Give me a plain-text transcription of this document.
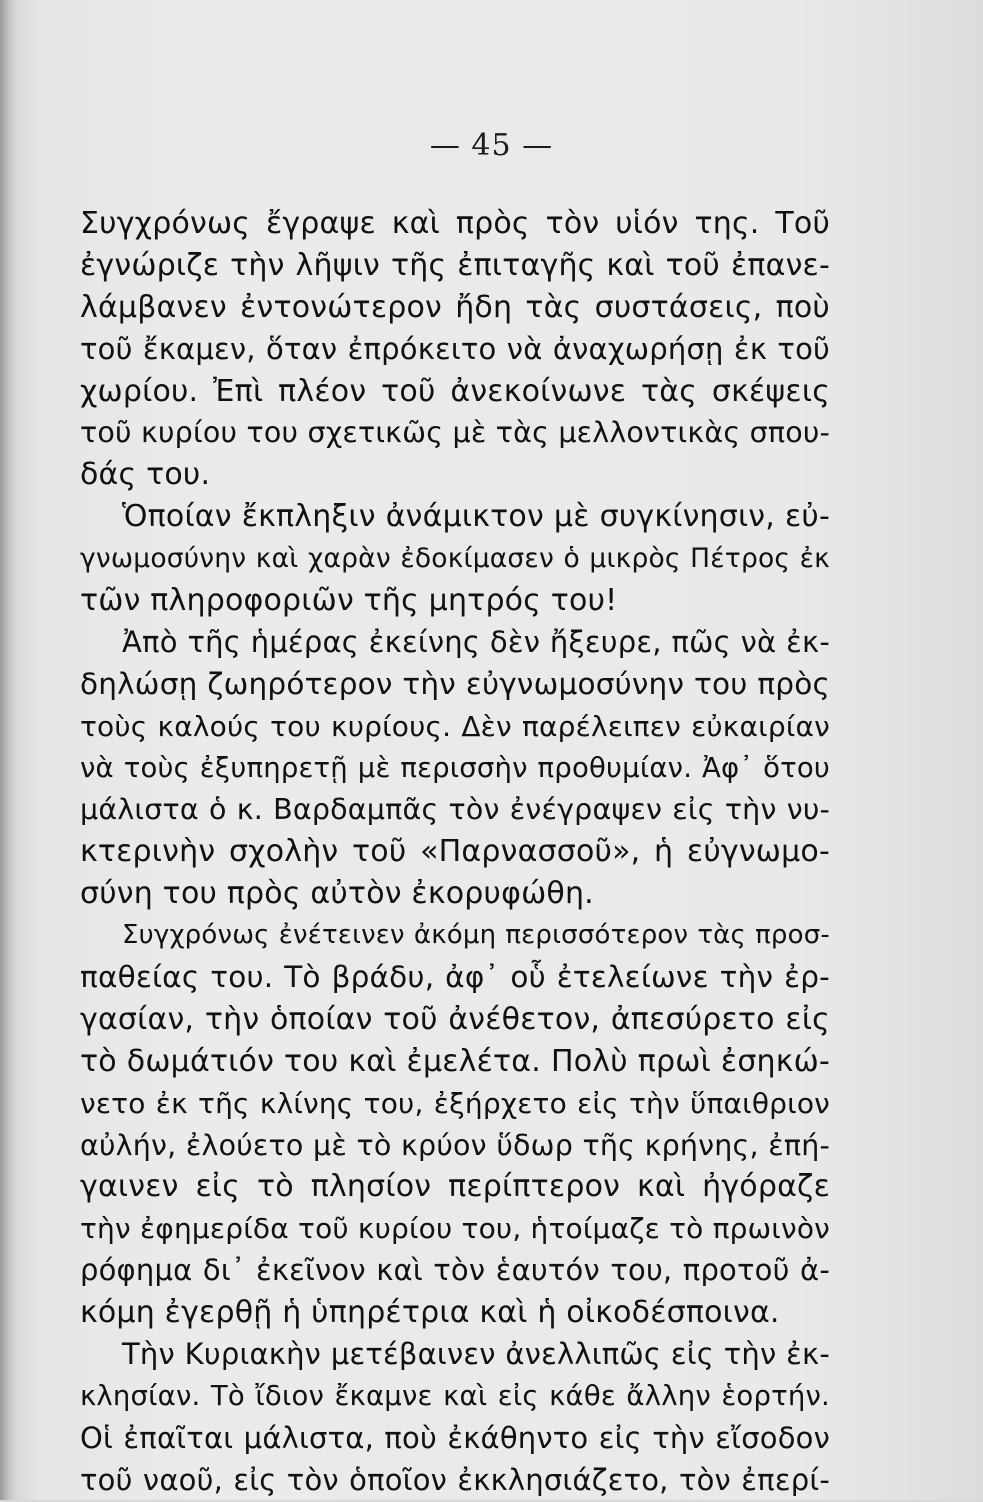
— 45 —
Συγχρόνως ἔγραψε καὶ πρὸς τὸν υἱόν της. Τοῦ
ἐγνώριζε τὴν λῆψιν τῆς ἐπιταγῆς καὶ τοῦ ἐπανε-
λάμβανεν ἐντονώτερον ἤδη τὰς συστάσεις, ποὺ
τοῦ ἔκαμεν, ὅταν ἐπρόκειτο νὰ ἀναχωρήσῃ ἐκ τοῦ
χωρίου. Ἐπὶ πλέον τοῦ ἀνεκοίνωνε τὰς σκέψεις
τοῦ κυρίου του σχετικῶς μὲ τὰς μελλοντικὰς σπου-
δάς του.
Ὁποίαν ἔκπληξιν ἀνάμικτον μὲ συγκίνησιν, εὐ-
γνωμοσύνην καὶ χαρὰν ἐδοκίμασεν ὁ μικρὸς Πέτρος ἐκ
τῶν πληροφοριῶν τῆς μητρός του!
Ἀπὸ τῆς ἡμέρας ἐκείνης δὲν ἤξευρε, πῶς νὰ ἐκ-
δηλώσῃ ζωηρότερον τὴν εὐγνωμοσύνην του πρὸς
τοὺς καλούς του κυρίους. Δὲν παρέλειπεν εὐκαιρίαν
νὰ τοὺς ἐξυπηρετῇ μὲ περισσὴν προθυμίαν. Ἀφ᾽ ὅτου
μάλιστα ὁ κ. Βαρδαμπᾶς τὸν ἐνέγραψεν εἰς τὴν νυ-
κτερινὴν σχολὴν τοῦ «Παρνασσοῦ», ἡ εὐγνωμο-
σύνη του πρὸς αὐτὸν ἐκορυφώθη.
Συγχρόνως ἐνέτεινεν ἀκόμη περισσότερον τὰς προσ-
παθείας του. Τὸ βράδυ, ἀφ᾽ οὗ ἐτελείωνε τὴν ἐρ-
γασίαν, τὴν ὁποίαν τοῦ ἀνέθετον, ἀπεσύρετο εἰς
τὸ δωμάτιόν του καὶ ἐμελέτα. Πολὺ πρωὶ ἐσηκώ-
νετο ἐκ τῆς κλίνης του, ἐξήρχετο εἰς τὴν ὕπαιθριον
αὐλήν, ἐλούετο μὲ τὸ κρύον ὕδωρ τῆς κρήνης, ἐπή-
γαινεν εἰς τὸ πλησίον περίπτερον καὶ ἠγόραζε
τὴν ἐφημερίδα τοῦ κυρίου του, ἡτοίμαζε τὸ πρωινὸν
ρόφημα δι᾽ ἐκεῖνον καὶ τὸν ἑαυτόν του, προτοῦ ἀ-
κόμη ἐγερθῇ ἡ ὑπηρέτρια καὶ ἡ οἰκοδέσποινα.
Τὴν Κυριακὴν μετέβαινεν ἀνελλιπῶς εἰς τὴν ἐκ-
κλησίαν. Τὸ ἴδιον ἔκαμνε καὶ εἰς κάθε ἄλλην ἑορτήν.
Οἱ ἐπαῖται μάλιστα, ποὺ ἐκάθηντο εἰς τὴν εἴσοδον
τοῦ ναοῦ, εἰς τὸν ὁποῖον ἐκκλησιάζετο, τὸν ἐπερί-
